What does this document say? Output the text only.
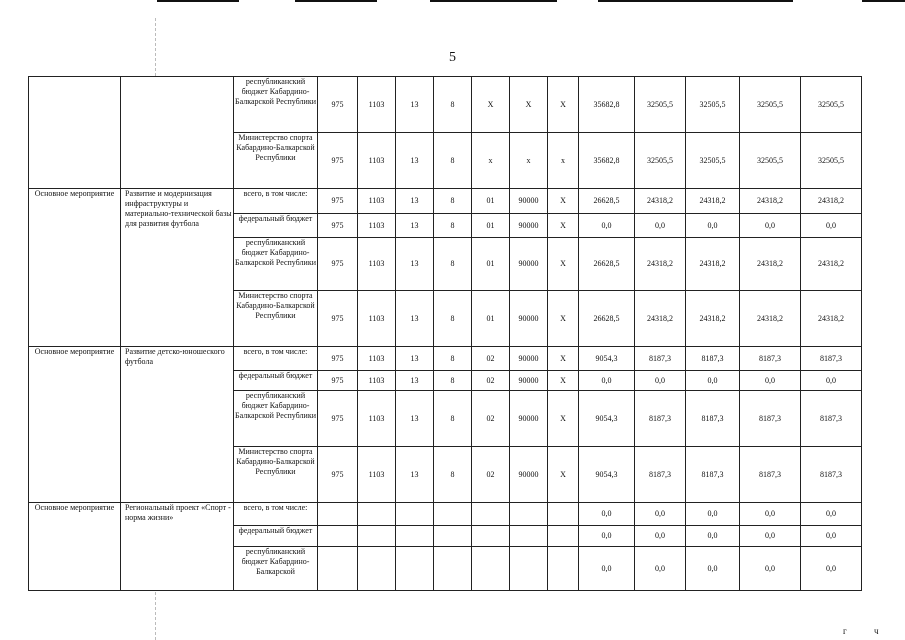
5
		республиканский бюджет Кабардино-Балкарской Республики	975	1103	13	8	Х	Х	Х	35682,8	32505,5	32505,5	32505,5	32505,5
		Министерство спорта Кабардино-Балкарской Республики	975	1103	13	8	х	х	х	35682,8	32505,5	32505,5	32505,5	32505,5
Основное мероприятие	Развитие и модернизация инфраструктуры и материально-технической базы для развития футбола	всего, в том числе:	975	1103	13	8	01	90000	Х	26628,5	24318,2	24318,2	24318,2	24318,2
		федеральный бюджет	975	1103	13	8	01	90000	Х	0,0	0,0	0,0	0,0	0,0
		республиканский бюджет Кабардино-Балкарской Республики	975	1103	13	8	01	90000	Х	26628,5	24318,2	24318,2	24318,2	24318,2
		Министерство спорта Кабардино-Балкарской Республики	975	1103	13	8	01	90000	Х	26628,5	24318,2	24318,2	24318,2	24318,2
Основное мероприятие	Развитие детско-юношеского футбола	всего, в том числе:	975	1103	13	8	02	90000	Х	9054,3	8187,3	8187,3	8187,3	8187,3
		федеральный бюджет	975	1103	13	8	02	90000	Х	0,0	0,0	0,0	0,0	0,0
		республиканский бюджет Кабардино-Балкарской Республики	975	1103	13	8	02	90000	Х	9054,3	8187,3	8187,3	8187,3	8187,3
		Министерство спорта Кабардино-Балкарской Республики	975	1103	13	8	02	90000	Х	9054,3	8187,3	8187,3	8187,3	8187,3
Основное мероприятие	Региональный проект «Спорт - норма жизни»	всего, в том числе:								0,0	0,0	0,0	0,0	0,0
		федеральный бюджет								0,0	0,0	0,0	0,0	0,0
		республиканский бюджет Кабардино-Балкарской								0,0	0,0	0,0	0,0	0,0
г	ч
